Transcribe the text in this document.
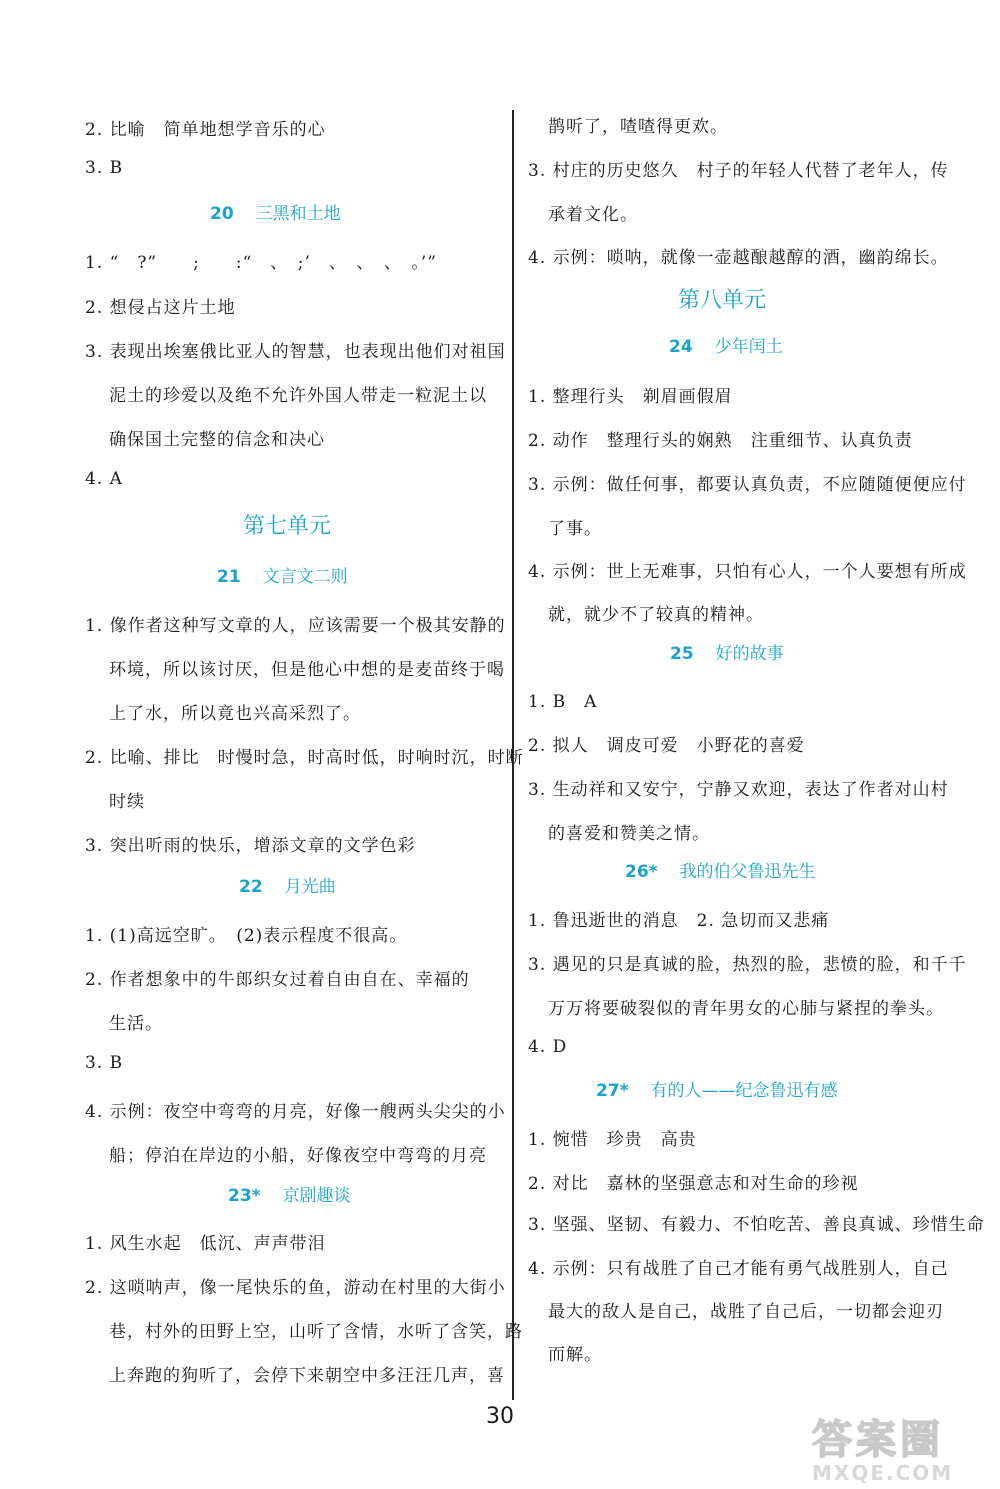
2. 比喻　简单地想学音乐的心
3. B
20 三黑和土地
1. “　?”　　;　　:“　、　;’　、　、　、　。’”
2. 想侵占这片土地
3. 表现出埃塞俄比亚人的智慧，也表现出他们对祖国
泥土的珍爱以及绝不允许外国人带走一粒泥土以
确保国土完整的信念和决心
4. A
第七单元
21 文言文二则
1. 像作者这种写文章的人，应该需要一个极其安静的
环境，所以该讨厌，但是他心中想的是麦苗终于喝
上了水，所以竟也兴高采烈了。
2. 比喻、排比　时慢时急，时高时低，时响时沉，时断
时续
3. 突出听雨的快乐，增添文章的文学色彩
22 月光曲
1. (1)高远空旷。　(2)表示程度不很高。
2. 作者想象中的牛郎织女过着自由自在、幸福的
生活。
3. B
4. 示例：夜空中弯弯的月亮，好像一艘两头尖尖的小
船；停泊在岸边的小船，好像夜空中弯弯的月亮
23* 京剧趣谈
1. 风生水起　低沉、声声带泪
2. 这唢呐声，像一尾快乐的鱼，游动在村里的大街小
巷，村外的田野上空，山听了含情，水听了含笑，路
上奔跑的狗听了，会停下来朝空中多汪汪几声，喜
鹊听了，喳喳得更欢。
3. 村庄的历史悠久　村子的年轻人代替了老年人，传
承着文化。
4. 示例：唢呐，就像一壶越酿越醇的酒，幽韵绵长。
第八单元
24 少年闰土
1. 整理行头　剃眉画假眉
2. 动作　整理行头的娴熟　注重细节、认真负责
3. 示例：做任何事，都要认真负责，不应随随便便应付
了事。
4. 示例：世上无难事，只怕有心人，一个人要想有所成
就，就少不了较真的精神。
25 好的故事
1. B　A
2. 拟人　调皮可爱　小野花的喜爱
3. 生动祥和又安宁，宁静又欢迎，表达了作者对山村
的喜爱和赞美之情。
26* 我的伯父鲁迅先生
1. 鲁迅逝世的消息　2. 急切而又悲痛
3. 遇见的只是真诚的脸，热烈的脸，悲愤的脸，和千千
万万将要破裂似的青年男女的心肺与紧捏的拳头。
4. D
27* 有的人——纪念鲁迅有感
1. 惋惜　珍贵　高贵
2. 对比　嘉林的坚强意志和对生命的珍视
3. 坚强、坚韧、有毅力、不怕吃苦、善良真诚、珍惜生命
4. 示例：只有战胜了自己才能有勇气战胜别人，自己
最大的敌人是自己，战胜了自己后，一切都会迎刃
而解。
30
答案圈
MXQE.COM
